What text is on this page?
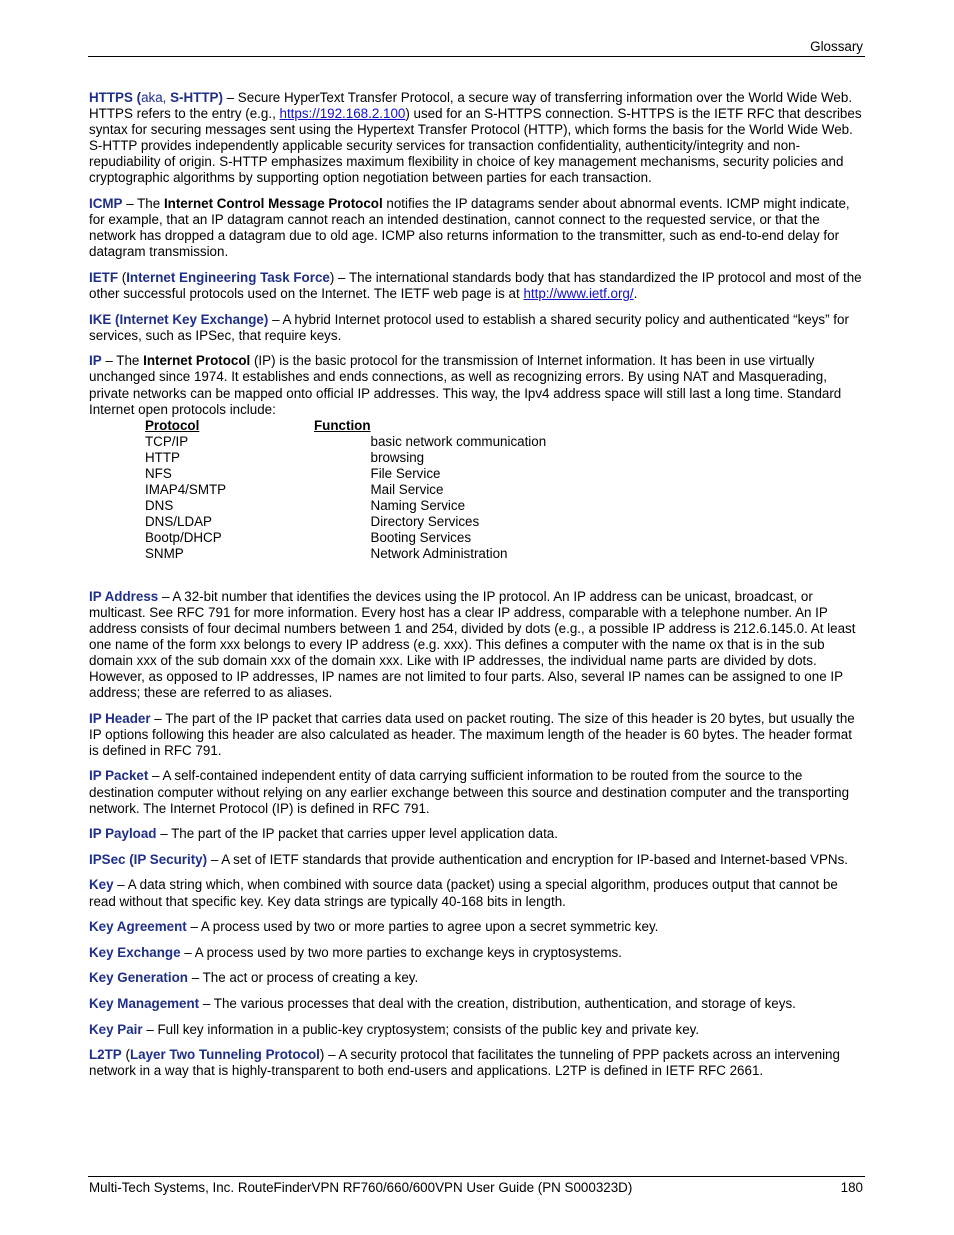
Glossary

HTTPS (aka, S-HTTP) – Secure HyperText Transfer Protocol, a secure way of transferring information over the World Wide Web. HTTPS refers to the entry (e.g., https://192.168.2.100) used for an S-HTTPS connection. S-HTTPS is the IETF RFC that describes syntax for securing messages sent using the Hypertext Transfer Protocol (HTTP), which forms the basis for the World Wide Web. S-HTTP provides independently applicable security services for transaction confidentiality, authenticity/integrity and non-repudiability of origin. S-HTTP emphasizes maximum flexibility in choice of key management mechanisms, security policies and cryptographic algorithms by supporting option negotiation between parties for each transaction.

ICMP – The Internet Control Message Protocol notifies the IP datagrams sender about abnormal events. ICMP might indicate, for example, that an IP datagram cannot reach an intended destination, cannot connect to the requested service, or that the network has dropped a datagram due to old age. ICMP also returns information to the transmitter, such as end-to-end delay for datagram transmission.

IETF (Internet Engineering Task Force) – The international standards body that has standardized the IP protocol and most of the other successful protocols used on the Internet. The IETF web page is at http://www.ietf.org/.

IKE (Internet Key Exchange) – A hybrid Internet protocol used to establish a shared security policy and authenticated “keys” for services, such as IPSec, that require keys.

IP – The Internet Protocol (IP) is the basic protocol for the transmission of Internet information. It has been in use virtually unchanged since 1974. It establishes and ends connections, as well as recognizing errors. By using NAT and Masquerading, private networks can be mapped onto official IP addresses. This way, the Ipv4 address space will still last a long time. Standard Internet open protocols include:
Protocol	Function	
TCP/IP		basic network communication
HTTP		browsing
NFS		File Service
IMAP4/SMTP		Mail Service
DNS		Naming Service
DNS/LDAP		Directory Services
Bootp/DHCP		Booting Services
SNMP		Network Administration

IP Address – A 32-bit number that identifies the devices using the IP protocol. An IP address can be unicast, broadcast, or multicast. See RFC 791 for more information. Every host has a clear IP address, comparable with a telephone number. An IP address consists of four decimal numbers between 1 and 254, divided by dots (e.g., a possible IP address is 212.6.145.0. At least one name of the form xxx belongs to every IP address (e.g. xxx). This defines a computer with the name ox that is in the sub domain xxx of the sub domain xxx of the domain xxx. Like with IP addresses, the individual name parts are divided by dots. However, as opposed to IP addresses, IP names are not limited to four parts. Also, several IP names can be assigned to one IP address; these are referred to as aliases.

IP Header – The part of the IP packet that carries data used on packet routing. The size of this header is 20 bytes, but usually the IP options following this header are also calculated as header. The maximum length of the header is 60 bytes. The header format is defined in RFC 791.

IP Packet – A self-contained independent entity of data carrying sufficient information to be routed from the source to the destination computer without relying on any earlier exchange between this source and destination computer and the transporting network. The Internet Protocol (IP) is defined in RFC 791.

IP Payload – The part of the IP packet that carries upper level application data.

IPSec (IP Security) – A set of IETF standards that provide authentication and encryption for IP-based and Internet-based VPNs.

Key – A data string which, when combined with source data (packet) using a special algorithm, produces output that cannot be read without that specific key. Key data strings are typically 40-168 bits in length.

Key Agreement – A process used by two or more parties to agree upon a secret symmetric key.

Key Exchange – A process used by two more parties to exchange keys in cryptosystems.

Key Generation – The act or process of creating a key.

Key Management – The various processes that deal with the creation, distribution, authentication, and storage of keys.

Key Pair – Full key information in a public-key cryptosystem; consists of the public key and private key.

L2TP (Layer Two Tunneling Protocol) – A security protocol that facilitates the tunneling of PPP packets across an intervening network in a way that is highly-transparent to both end-users and applications. L2TP is defined in IETF RFC 2661.

Multi-Tech Systems, Inc. RouteFinderVPN RF760/660/600VPN User Guide (PN S000323D)	180
